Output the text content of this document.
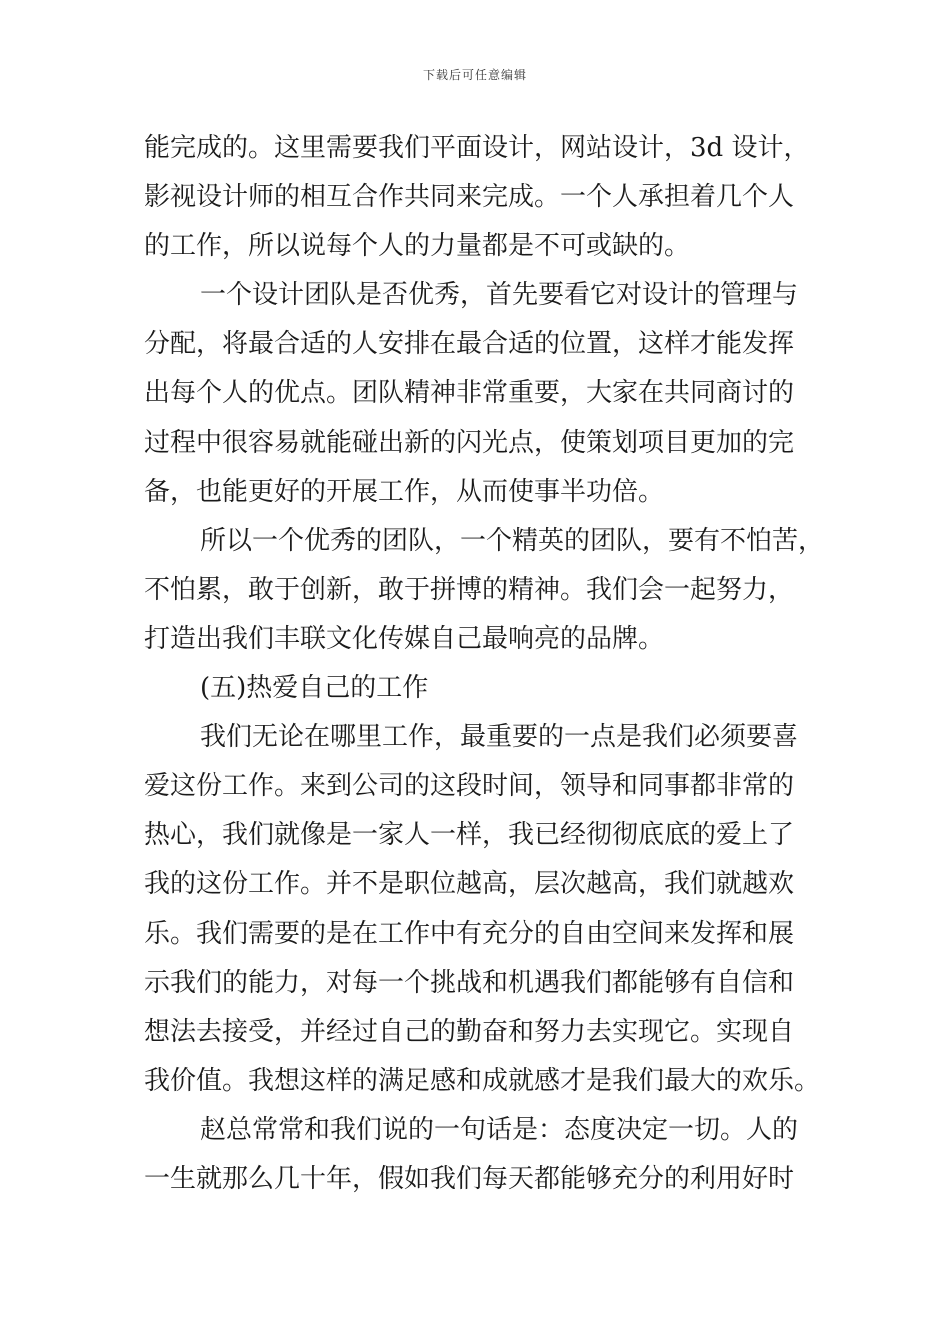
下载后可任意编辑
能完成的。这里需要我们平面设计，网站设计，3d 设计，
影视设计师的相互合作共同来完成。一个人承担着几个人
的工作，所以说每个人的力量都是不可或缺的。
一个设计团队是否优秀，首先要看它对设计的管理与
分配，将最合适的人安排在最合适的位置，这样才能发挥
出每个人的优点。团队精神非常重要，大家在共同商讨的
过程中很容易就能碰出新的闪光点，使策划项目更加的完
备，也能更好的开展工作，从而使事半功倍。
所以一个优秀的团队，一个精英的团队，要有不怕苦，
不怕累，敢于创新，敢于拼博的精神。我们会一起努力，
打造出我们丰联文化传媒自己最响亮的品牌。
(五)热爱自己的工作
我们无论在哪里工作，最重要的一点是我们必须要喜
爱这份工作。来到公司的这段时间，领导和同事都非常的
热心，我们就像是一家人一样，我已经彻彻底底的爱上了
我的这份工作。并不是职位越高，层次越高，我们就越欢
乐。我们需要的是在工作中有充分的自由空间来发挥和展
示我们的能力，对每一个挑战和机遇我们都能够有自信和
想法去接受，并经过自己的勤奋和努力去实现它。实现自
我价值。我想这样的满足感和成就感才是我们最大的欢乐。
赵总常常和我们说的一句话是：态度决定一切。人的
一生就那么几十年，假如我们每天都能够充分的利用好时
